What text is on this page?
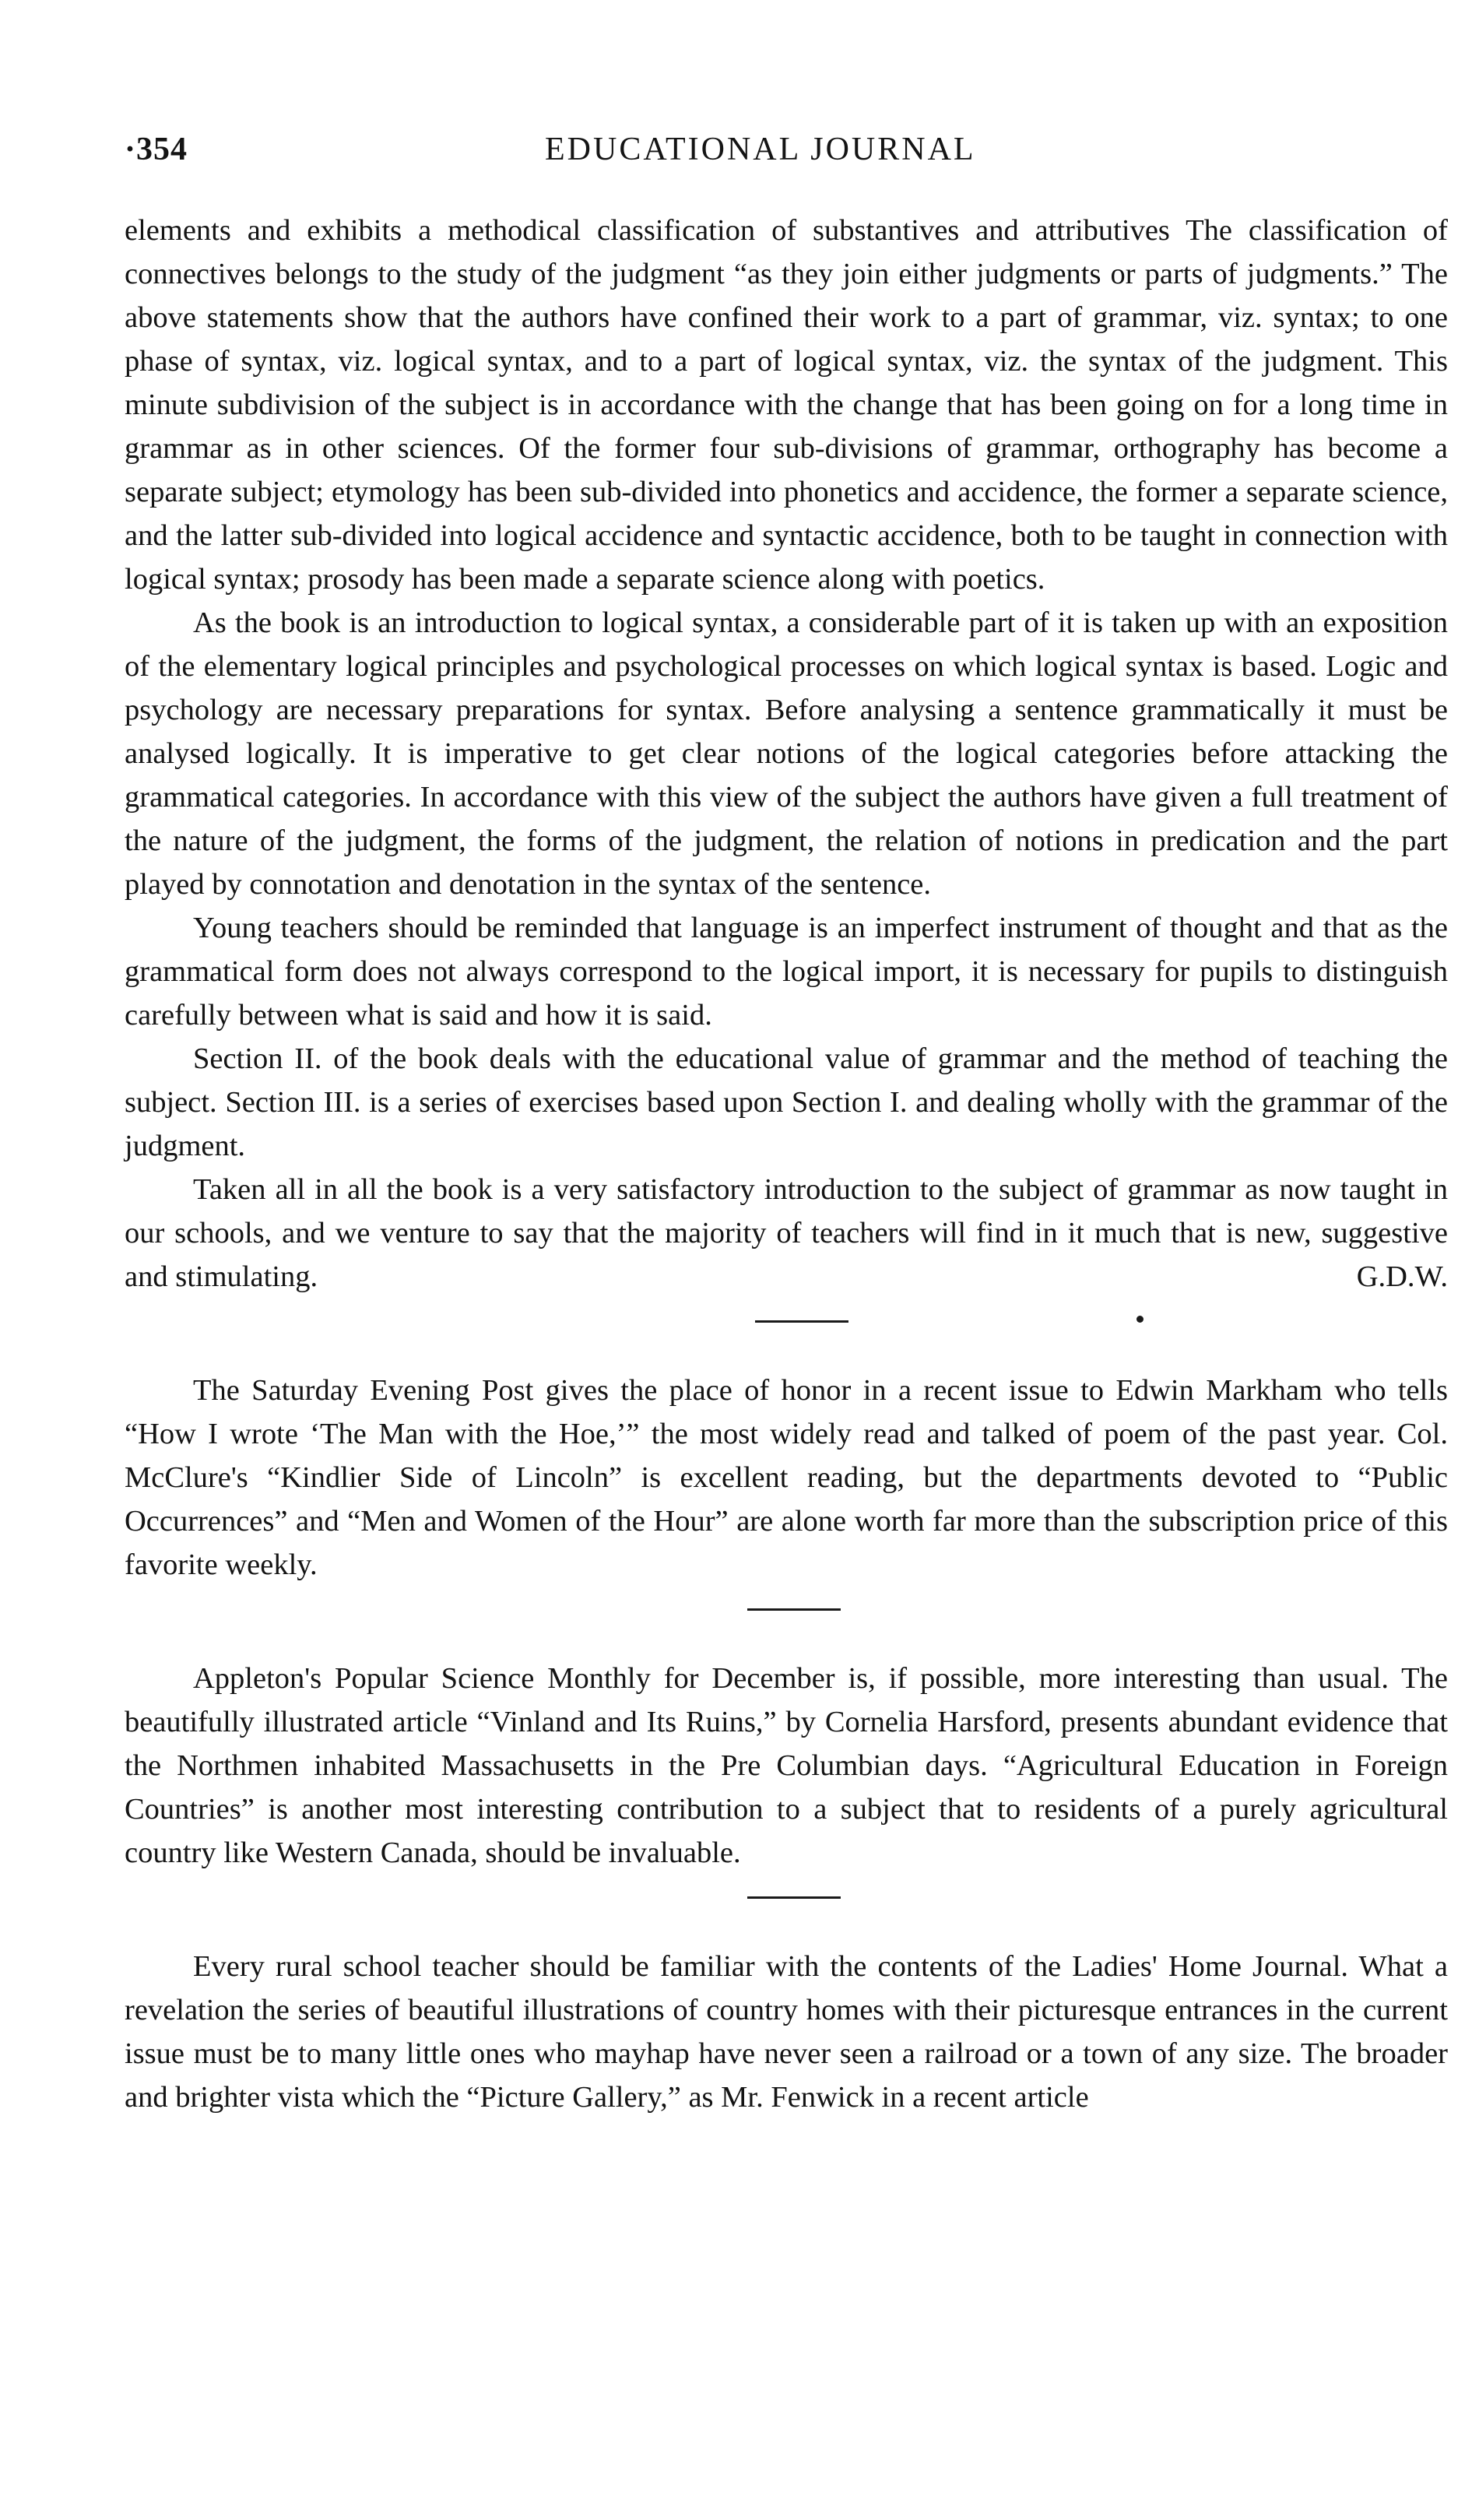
·354	EDUCATIONAL JOURNAL

elements and exhibits a methodical classification of substantives and attributives The classification of connectives belongs to the study of the judgment “as they join either judgments or parts of judgments.” The above statements show that the authors have confined their work to a part of grammar, viz. syntax; to one phase of syntax, viz. logical syntax, and to a part of logical syntax, viz. the syntax of the judgment. This minute subdivision of the subject is in accordance with the change that has been going on for a long time in grammar as in other sciences. Of the former four sub-divisions of grammar, orthography has become a separate subject; etymology has been sub-divided into phonetics and accidence, the former a separate science, and the latter sub-divided into logical accidence and syntactic accidence, both to be taught in connection with logical syntax; prosody has been made a separate science along with poetics.

As the book is an introduction to logical syntax, a considerable part of it is taken up with an exposition of the elementary logical principles and psychological processes on which logical syntax is based. Logic and psychology are necessary preparations for syntax. Before analysing a sentence grammatically it must be analysed logically. It is imperative to get clear notions of the logical categories before attacking the grammatical categories. In accordance with this view of the subject the authors have given a full treatment of the nature of the judgment, the forms of the judgment, the relation of notions in predication and the part played by connotation and denotation in the syntax of the sentence.

Young teachers should be reminded that language is an imperfect instrument of thought and that as the grammatical form does not always correspond to the logical import, it is necessary for pupils to distinguish carefully between what is said and how it is said.

Section II. of the book deals with the educational value of grammar and the method of teaching the subject. Section III. is a series of exercises based upon Section I. and dealing wholly with the grammar of the judgment.

Taken all in all the book is a very satisfactory introduction to the subject of grammar as now taught in our schools, and we venture to say that the majority of teachers will find in it much that is new, suggestive and stimulating.	G.D.W.

The Saturday Evening Post gives the place of honor in a recent issue to Edwin Markham who tells “How I wrote ‘The Man with the Hoe,’” the most widely read and talked of poem of the past year. Col. McClure's “Kindlier Side of Lincoln” is excellent reading, but the departments devoted to “Public Occurrences” and “Men and Women of the Hour” are alone worth far more than the subscription price of this favorite weekly.

Appleton's Popular Science Monthly for December is, if possible, more interesting than usual. The beautifully illustrated article “Vinland and Its Ruins,” by Cornelia Harsford, presents abundant evidence that the Northmen inhabited Massachusetts in the Pre Columbian days. “Agricultural Education in Foreign Countries” is another most interesting contribution to a subject that to residents of a purely agricultural country like Western Canada, should be invaluable.

Every rural school teacher should be familiar with the contents of the Ladies' Home Journal. What a revelation the series of beautiful illustrations of country homes with their picturesque entrances in the current issue must be to many little ones who mayhap have never seen a railroad or a town of any size. The broader and brighter vista which the “Picture Gallery,” as Mr. Fenwick in a recent article
